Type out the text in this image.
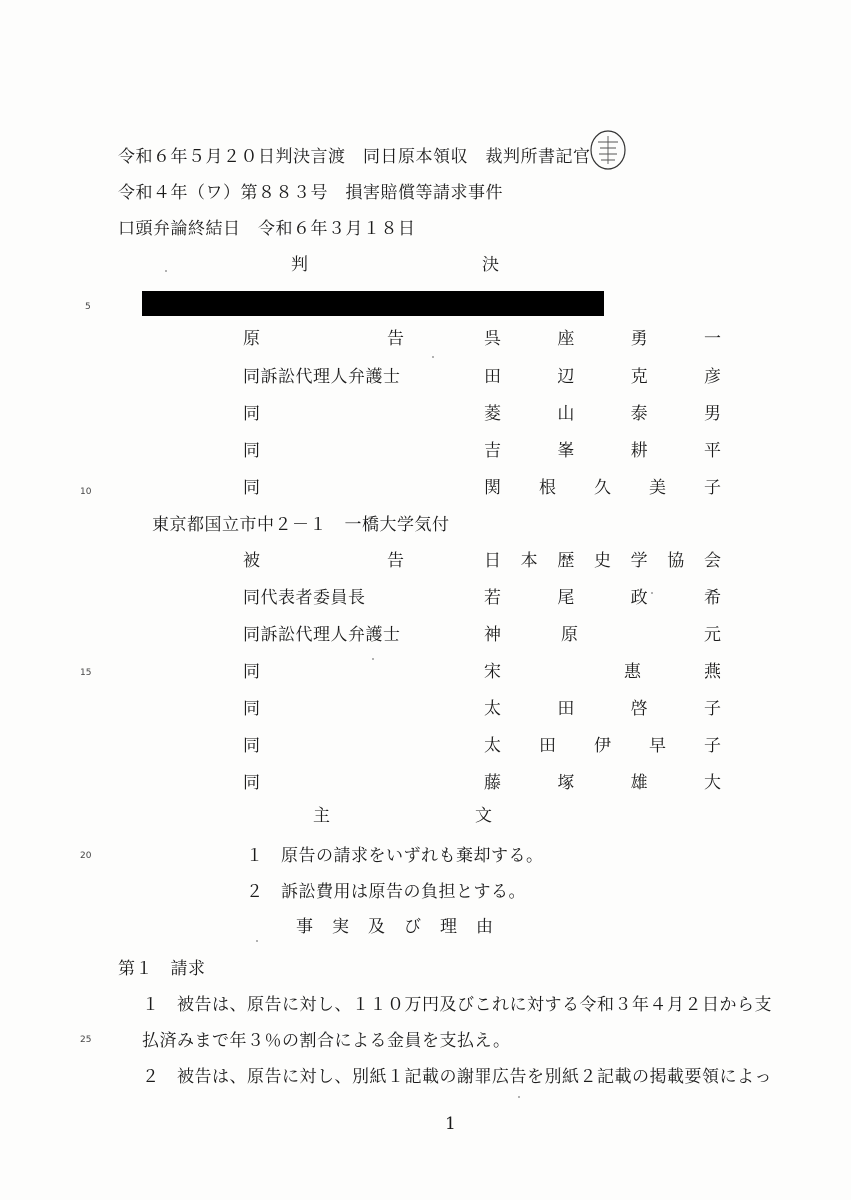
令和６年５月２０日判決言渡　同日原本領収　裁判所書記官
令和４年（ワ）第８８３号　損害賠償等請求事件
口頭弁論終結日　令和６年３月１８日
判	決
5
10
15
20
25
原	告	呉	座	勇	一
同訴訟代理人弁護士	田	辺	克	彦
同	菱	山	泰	男
同	吉	峯	耕	平
同	関 根 久 美 子
東京都国立市中２－１　一橋大学気付
被	告	日 本 歴 史 学 協 会
同代表者委員長	若	尾	政	希
同訴訟代理人弁護士	神	原	元
同	宋	惠	燕
同	太	田	啓	子
同	太 田 伊 早 子
同	藤	塚	雄	大
主	文
１　原告の請求をいずれも棄却する。
２　訴訟費用は原告の負担とする。
事　実　及　び　理　由
第１　請求
１　被告は、原告に対し、１１０万円及びこれに対する令和３年４月２日から支
払済みまで年３％の割合による金員を支払え。
２　被告は、原告に対し、別紙１記載の謝罪広告を別紙２記載の掲載要領によっ
1
